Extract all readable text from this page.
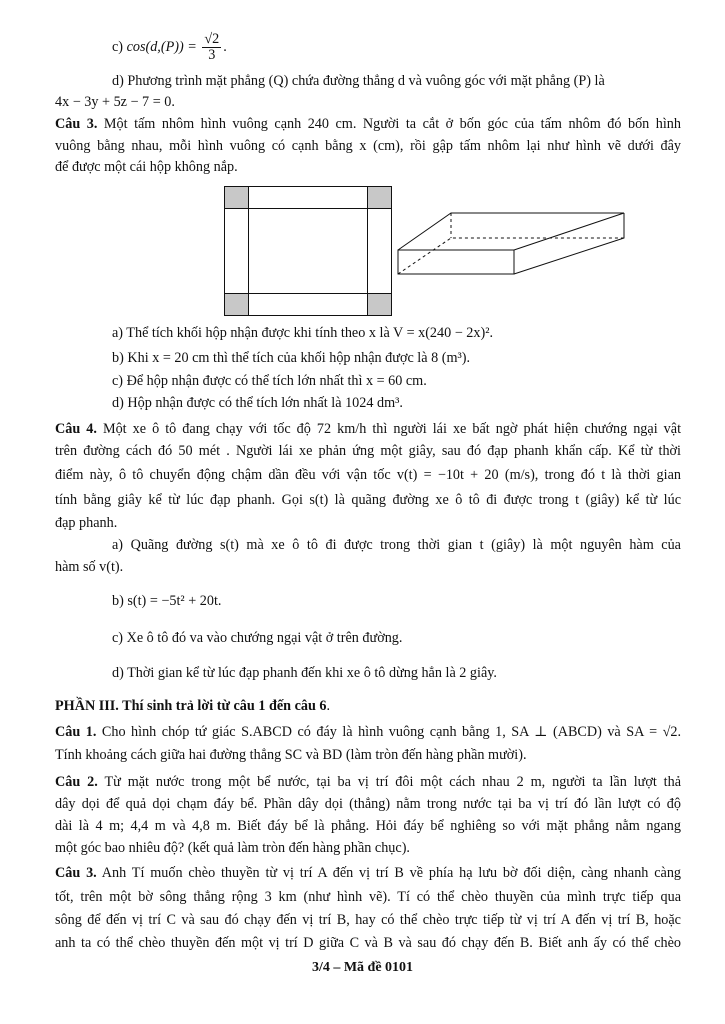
c) $\cos(d,(P)) = \frac{√2}{3}$ .
d) Phương trình mặt phẳng (Q) chứa đường thẳng d và vuông góc với mặt phẳng (P) là
4x − 3y + 5z − 7 = 0.
Câu 3. Một tấm nhôm hình vuông cạnh 240 cm. Người ta cắt ở bốn góc của tấm nhôm đó bốn hình
vuông bằng nhau, mỗi hình vuông có cạnh bằng x (cm), rồi gập tấm nhôm lại như hình vẽ dưới đây
để được một cái hộp không nắp.
a) Thể tích khối hộp nhận được khi tính theo x là V = x(240 − 2x)².
b) Khi x = 20 cm thì thể tích của khối hộp nhận được là 8 (m³).
c) Để hộp nhận được có thể tích lớn nhất thì x = 60 cm.
d) Hộp nhận được có thể tích lớn nhất là 1024 dm³.
Câu 4. Một xe ô tô đang chạy với tốc độ 72 km/h thì người lái xe bất ngờ phát hiện chướng ngại vật
trên đường cách đó 50 mét . Người lái xe phản ứng một giây, sau đó đạp phanh khẩn cấp. Kể từ thời
điểm này, ô tô chuyển động chậm dần đều với vận tốc v(t) = −10t + 20 (m/s), trong đó t là thời gian
tính bằng giây kể từ lúc đạp phanh. Gọi s(t) là quãng đường xe ô tô đi được trong t (giây) kể từ lúc
đạp phanh.
a) Quãng đường s(t) mà xe ô tô đi được trong thời gian t (giây) là một nguyên hàm của
hàm số v(t).
b) s(t) = −5t² + 20t.
c) Xe ô tô đó va vào chướng ngại vật ở trên đường.
d) Thời gian kể từ lúc đạp phanh đến khi xe ô tô dừng hẳn là 2 giây.
PHẦN III. Thí sinh trả lời từ câu 1 đến câu 6.
Câu 1. Cho hình chóp tứ giác S.ABCD có đáy là hình vuông cạnh bằng 1, SA ⊥ (ABCD) và SA = √2.
Tính khoảng cách giữa hai đường thẳng SC và BD (làm tròn đến hàng phần mười).
Câu 2. Từ mặt nước trong một bể nước, tại ba vị trí đôi một cách nhau 2 m, người ta lần lượt thả
dây dọi để quả dọi chạm đáy bể. Phần dây dọi (thẳng) nằm trong nước tại ba vị trí đó lần lượt có độ
dài là 4 m; 4,4 m và 4,8 m. Biết đáy bể là phẳng. Hỏi đáy bể nghiêng so với mặt phẳng nằm ngang
một góc bao nhiêu độ? (kết quả làm tròn đến hàng phần chục).
Câu 3. Anh Tí muốn chèo thuyền từ vị trí A đến vị trí B về phía hạ lưu bờ đối diện, càng nhanh càng
tốt, trên một bờ sông thẳng rộng 3 km (như hình vẽ). Tí có thể chèo thuyền của mình trực tiếp qua
sông để đến vị trí C và sau đó chạy đến vị trí B, hay có thể chèo trực tiếp từ vị trí A đến vị trí B, hoặc
anh ta có thể chèo thuyền đến một vị trí D giữa C và B và sau đó chạy đến B. Biết anh ấy có thể chèo
3/4 – Mã đề 0101
